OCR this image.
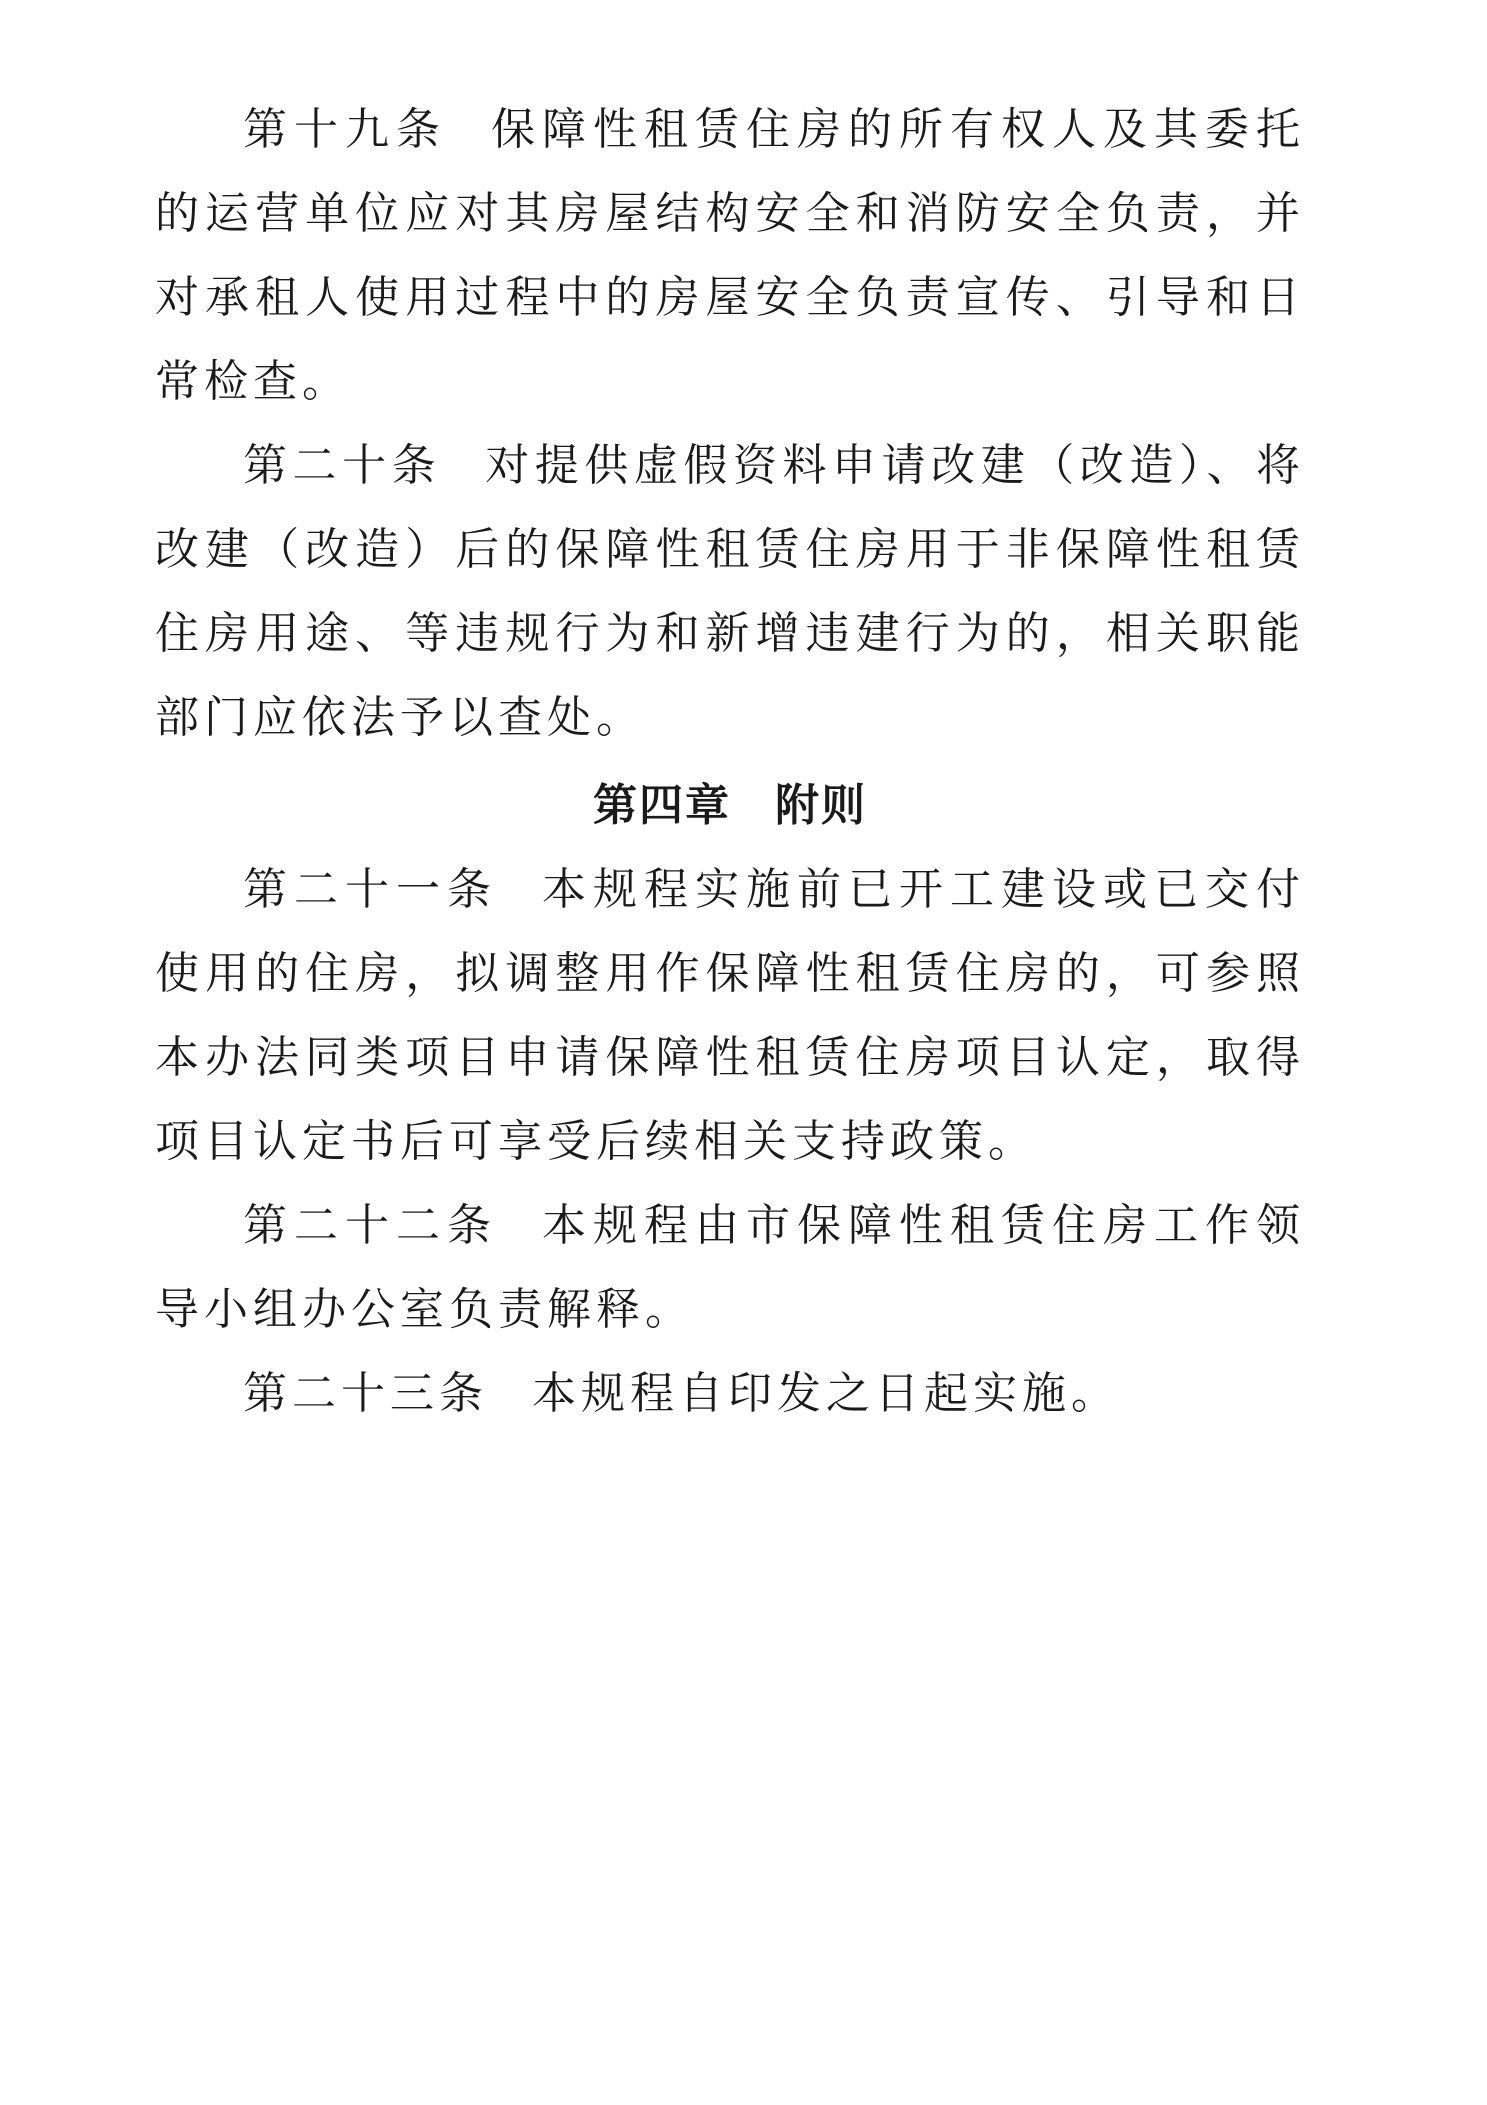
第十九条 保障性租赁住房的所有权人及其委托的运营单位应对其房屋结构安全和消防安全负责，并对承租人使用过程中的房屋安全负责宣传、引导和日常检查。

第二十条 对提供虚假资料申请改建（改造）、将改建（改造）后的保障性租赁住房用于非保障性租赁住房用途、等违规行为和新增违建行为的，相关职能部门应依法予以查处。

第四章 附则

第二十一条 本规程实施前已开工建设或已交付使用的住房，拟调整用作保障性租赁住房的，可参照本办法同类项目申请保障性租赁住房项目认定，取得项目认定书后可享受后续相关支持政策。

第二十二条 本规程由市保障性租赁住房工作领导小组办公室负责解释。

第二十三条 本规程自印发之日起实施。
